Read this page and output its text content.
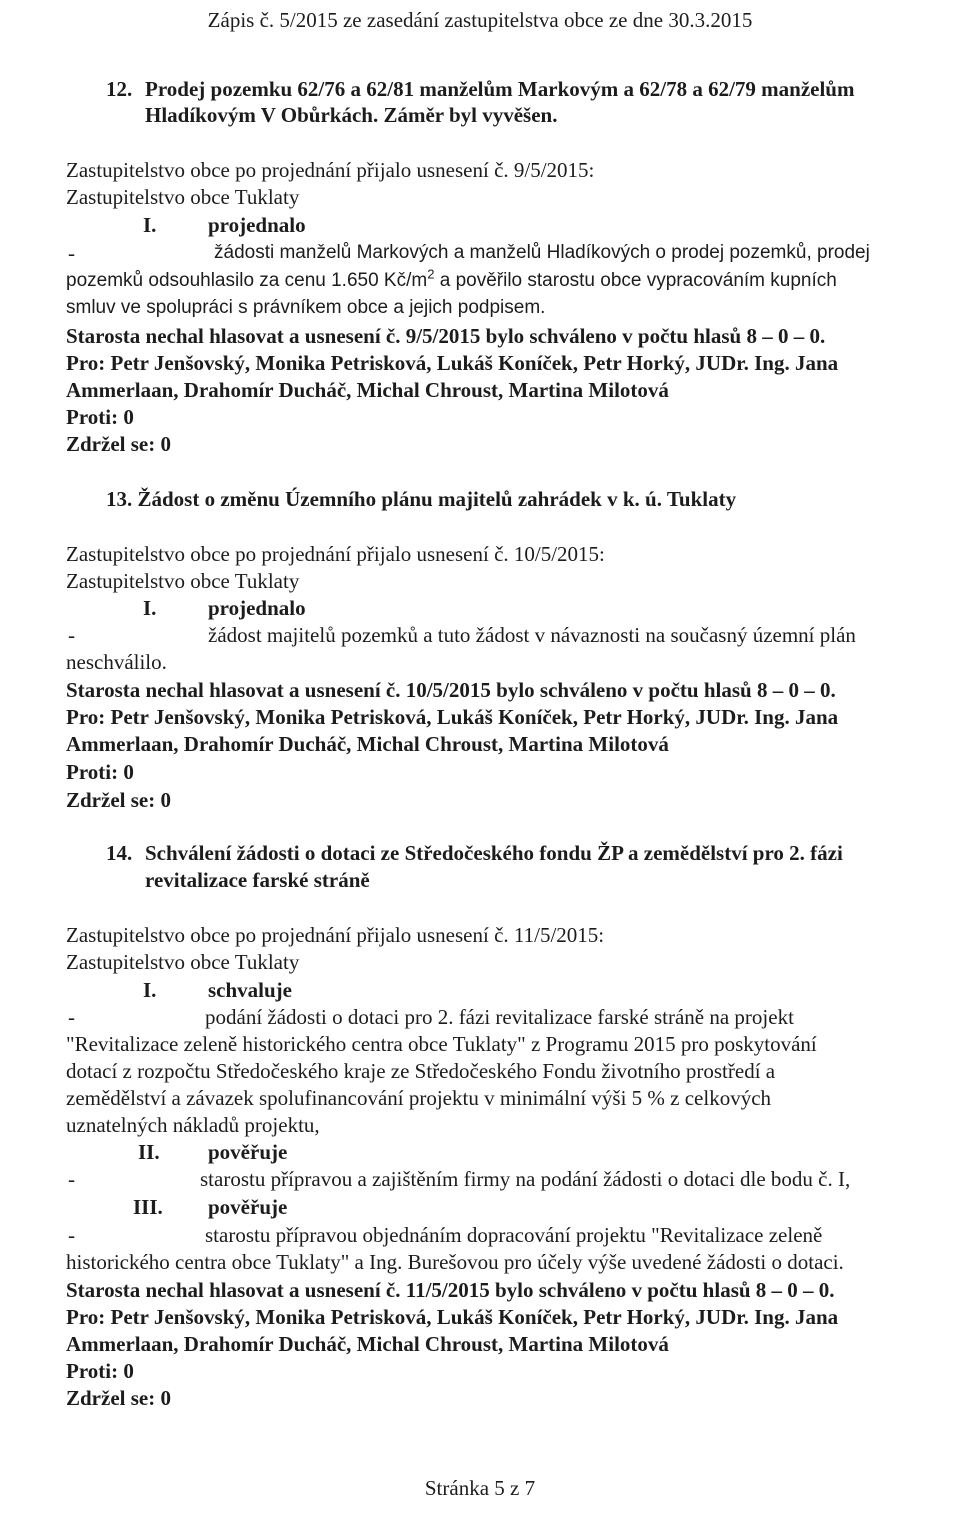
Zápis č. 5/2015 ze zasedání zastupitelstva obce ze dne 30.3.2015
12. Prodej pozemku 62/76 a 62/81 manželům Markovým a 62/78 a 62/79 manželům
Hladíkovým V Obůrkách. Záměr byl vyvěšen.
Zastupitelstvo obce po projednání přijalo usnesení č. 9/5/2015:
Zastupitelstvo obce Tuklaty
I. projednalo
-	žádosti manželů Markových a manželů Hladíkových o prodej pozemků, prodej
pozemků odsouhlasilo za cenu 1.650 $Kč/m^2$ a pověřilo starostu obce vypracováním kupních
smluv ve spolupráci s právníkem obce a jejich podpisem.
Starosta nechal hlasovat a usnesení č. 9/5/2015 bylo schváleno v počtu hlasů 8 – 0 – 0.
Pro: Petr Jenšovský, Monika Petrisková, Lukáš Koníček, Petr Horký, JUDr. Ing. Jana
Ammerlaan, Drahomír Ducháč, Michal Chroust, Martina Milotová
Proti: 0
Zdržel se: 0
13. Žádost o změnu Územního plánu majitelů zahrádek v k. ú. Tuklaty
Zastupitelstvo obce po projednání přijalo usnesení č. 10/5/2015:
Zastupitelstvo obce Tuklaty
I. projednalo
-	žádost majitelů pozemků a tuto žádost v návaznosti na současný územní plán
neschválilo.
Starosta nechal hlasovat a usnesení č. 10/5/2015 bylo schváleno v počtu hlasů 8 – 0 – 0.
Pro: Petr Jenšovský, Monika Petrisková, Lukáš Koníček, Petr Horký, JUDr. Ing. Jana
Ammerlaan, Drahomír Ducháč, Michal Chroust, Martina Milotová
Proti: 0
Zdržel se: 0
14. Schválení žádosti o dotaci ze Středočeského fondu ŽP a zemědělství pro 2. fázi
revitalizace farské stráně
Zastupitelstvo obce po projednání přijalo usnesení č. 11/5/2015:
Zastupitelstvo obce Tuklaty
I. schvaluje
-	podání žádosti o dotaci pro 2. fázi revitalizace farské stráně na projekt
"Revitalizace zeleně historického centra obce Tuklaty" z Programu 2015 pro poskytování
dotací z rozpočtu Středočeského kraje ze Středočeského Fondu životního prostředí a
zemědělství a závazek spolufinancování projektu v minimální výši 5 % z celkových
uznatelných nákladů projektu,
II. pověřuje
-	starostu přípravou a zajištěním firmy na podání žádosti o dotaci dle bodu č. I,
III. pověřuje
-	starostu přípravou objednáním dopracování projektu "Revitalizace zeleně
historického centra obce Tuklaty" a Ing. Burešovou pro účely výše uvedené žádosti o dotaci.
Starosta nechal hlasovat a usnesení č. 11/5/2015 bylo schváleno v počtu hlasů 8 – 0 – 0.
Pro: Petr Jenšovský, Monika Petrisková, Lukáš Koníček, Petr Horký, JUDr. Ing. Jana
Ammerlaan, Drahomír Ducháč, Michal Chroust, Martina Milotová
Proti: 0
Zdržel se: 0
Stránka 5 z 7
